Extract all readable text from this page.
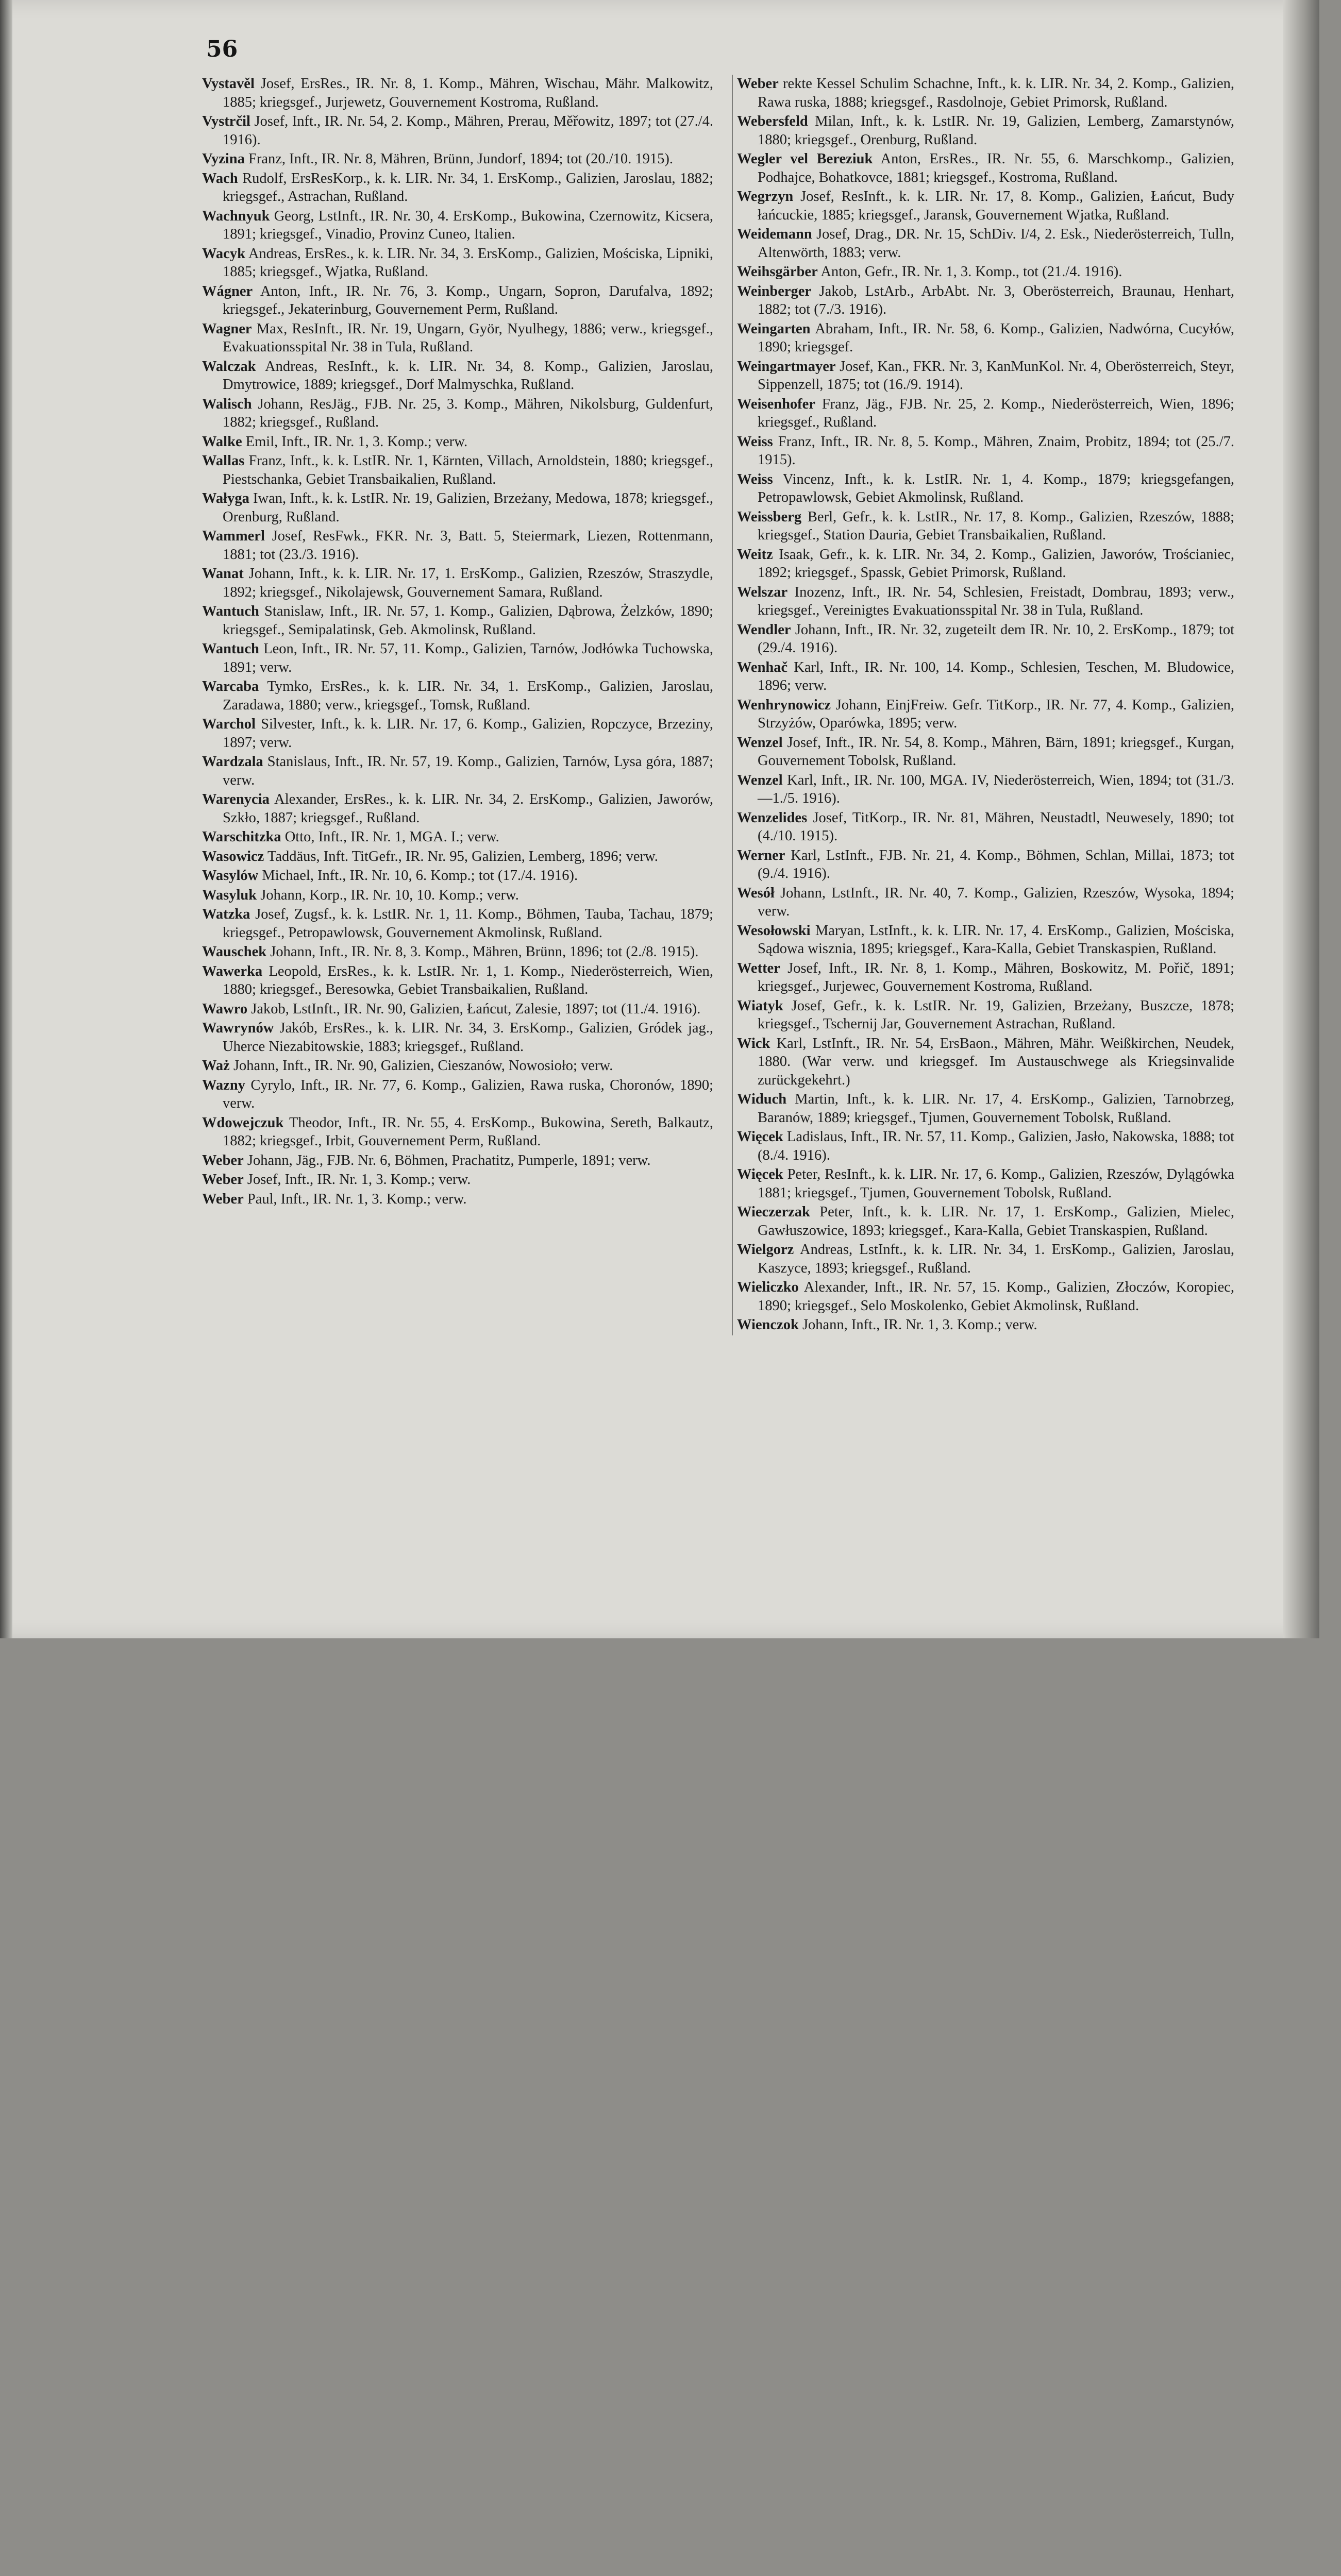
56

Vystavěl Josef, ErsRes., IR. Nr. 8, 1. Komp., Mähren, Wischau, Mähr. Malkowitz, 1885; kriegsgef., Jurjewetz, Gouvernement Kostroma, Rußland.

Vystrčil Josef, Inft., IR. Nr. 54, 2. Komp., Mähren, Prerau, Měřowitz, 1897; tot (27./4. 1916).

Vyzina Franz, Inft., IR. Nr. 8, Mähren, Brünn, Jundorf, 1894; tot (20./10. 1915).

Wach Rudolf, ErsResKorp., k. k. LIR. Nr. 34, 1. ErsKomp., Galizien, Jaroslau, 1882; kriegsgef., Astrachan, Rußland.

Wachnyuk Georg, LstInft., IR. Nr. 30, 4. ErsKomp., Bukowina, Czernowitz, Kicsera, 1891; kriegsgef., Vinadio, Provinz Cuneo, Italien.

Wacyk Andreas, ErsRes., k. k. LIR. Nr. 34, 3. ErsKomp., Galizien, Mościska, Lipniki, 1885; kriegsgef., Wjatka, Rußland.

Wágner Anton, Inft., IR. Nr. 76, 3. Komp., Ungarn, Sopron, Darufalva, 1892; kriegsgef., Jekaterinburg, Gouvernement Perm, Rußland.

Wagner Max, ResInft., IR. Nr. 19, Ungarn, Györ, Nyulhegy, 1886; verw., kriegsgef., Evakuationsspital Nr. 38 in Tula, Rußland.

Walczak Andreas, ResInft., k. k. LIR. Nr. 34, 8. Komp., Galizien, Jaroslau, Dmytrowice, 1889; kriegsgef., Dorf Malmyschka, Rußland.

Walisch Johann, ResJäg., FJB. Nr. 25, 3. Komp., Mähren, Nikolsburg, Guldenfurt, 1882; kriegsgef., Rußland.

Walke Emil, Inft., IR. Nr. 1, 3. Komp.; verw.

Wallas Franz, Inft., k. k. LstIR. Nr. 1, Kärnten, Villach, Arnoldstein, 1880; kriegsgef., Piestschanka, Gebiet Transbaikalien, Rußland.

Wałyga Iwan, Inft., k. k. LstIR. Nr. 19, Galizien, Brzeżany, Medowa, 1878; kriegsgef., Orenburg, Rußland.

Wammerl Josef, ResFwk., FKR. Nr. 3, Batt. 5, Steiermark, Liezen, Rottenmann, 1881; tot (23./3. 1916).

Wanat Johann, Inft., k. k. LIR. Nr. 17, 1. ErsKomp., Galizien, Rzeszów, Straszydle, 1892; kriegsgef., Nikolajewsk, Gouvernement Samara, Rußland.

Wantuch Stanislaw, Inft., IR. Nr. 57, 1. Komp., Galizien, Dąbrowa, Żelzków, 1890; kriegsgef., Semipalatinsk, Geb. Akmolinsk, Rußland.

Wantuch Leon, Inft., IR. Nr. 57, 11. Komp., Galizien, Tarnów, Jodłówka Tuchowska, 1891; verw.

Warcaba Tymko, ErsRes., k. k. LIR. Nr. 34, 1. ErsKomp., Galizien, Jaroslau, Zaradawa, 1880; verw., kriegsgef., Tomsk, Rußland.

Warchol Silvester, Inft., k. k. LIR. Nr. 17, 6. Komp., Galizien, Ropczyce, Brzeziny, 1897; verw.

Wardzala Stanislaus, Inft., IR. Nr. 57, 19. Komp., Galizien, Tarnów, Lysa góra, 1887; verw.

Warenycia Alexander, ErsRes., k. k. LIR. Nr. 34, 2. ErsKomp., Galizien, Jaworów, Szkło, 1887; kriegsgef., Rußland.

Warschitzka Otto, Inft., IR. Nr. 1, MGA. I.; verw.

Wasowicz Taddäus, Inft. TitGefr., IR. Nr. 95, Galizien, Lemberg, 1896; verw.

Wasylów Michael, Inft., IR. Nr. 10, 6. Komp.; tot (17./4. 1916).

Wasyluk Johann, Korp., IR. Nr. 10, 10. Komp.; verw.

Watzka Josef, Zugsf., k. k. LstIR. Nr. 1, 11. Komp., Böhmen, Tauba, Tachau, 1879; kriegsgef., Petropawlowsk, Gouvernement Akmolinsk, Rußland.

Wauschek Johann, Inft., IR. Nr. 8, 3. Komp., Mähren, Brünn, 1896; tot (2./8. 1915).

Wawerka Leopold, ErsRes., k. k. LstIR. Nr. 1, 1. Komp., Niederösterreich, Wien, 1880; kriegsgef., Beresowka, Gebiet Transbaikalien, Rußland.

Wawro Jakob, LstInft., IR. Nr. 90, Galizien, Łańcut, Zalesie, 1897; tot (11./4. 1916).

Wawrynów Jakób, ErsRes., k. k. LIR. Nr. 34, 3. ErsKomp., Galizien, Gródek jag., Uherce Niezabitowskie, 1883; kriegsgef., Rußland.

Waż Johann, Inft., IR. Nr. 90, Galizien, Cieszanów, Nowosioło; verw.

Wazny Cyrylo, Inft., IR. Nr. 77, 6. Komp., Galizien, Rawa ruska, Choronów, 1890; verw.

Wdowejczuk Theodor, Inft., IR. Nr. 55, 4. ErsKomp., Bukowina, Sereth, Balkautz, 1882; kriegsgef., Irbit, Gouvernement Perm, Rußland.

Weber Johann, Jäg., FJB. Nr. 6, Böhmen, Prachatitz, Pumperle, 1891; verw.

Weber Josef, Inft., IR. Nr. 1, 3. Komp.; verw.

Weber Paul, Inft., IR. Nr. 1, 3. Komp.; verw.

Weber rekte Kessel Schulim Schachne, Inft., k. k. LIR. Nr. 34, 2. Komp., Galizien, Rawa ruska, 1888; kriegsgef., Rasdolnoje, Gebiet Primorsk, Rußland.

Webersfeld Milan, Inft., k. k. LstIR. Nr. 19, Galizien, Lemberg, Zamarstynów, 1880; kriegsgef., Orenburg, Rußland.

Wegler vel Bereziuk Anton, ErsRes., IR. Nr. 55, 6. Marschkomp., Galizien, Podhajce, Bohatkovce, 1881; kriegsgef., Kostroma, Rußland.

Wegrzyn Josef, ResInft., k. k. LIR. Nr. 17, 8. Komp., Galizien, Łańcut, Budy łańcuckie, 1885; kriegsgef., Jaransk, Gouvernement Wjatka, Rußland.

Weidemann Josef, Drag., DR. Nr. 15, SchDiv. I/4, 2. Esk., Niederösterreich, Tulln, Altenwörth, 1883; verw.

Weihsgärber Anton, Gefr., IR. Nr. 1, 3. Komp., tot (21./4. 1916).

Weinberger Jakob, LstArb., ArbAbt. Nr. 3, Oberösterreich, Braunau, Henhart, 1882; tot (7./3. 1916).

Weingarten Abraham, Inft., IR. Nr. 58, 6. Komp., Galizien, Nadwórna, Cucyłów, 1890; kriegsgef.

Weingartmayer Josef, Kan., FKR. Nr. 3, KanMunKol. Nr. 4, Oberösterreich, Steyr, Sippenzell, 1875; tot (16./9. 1914).

Weisenhofer Franz, Jäg., FJB. Nr. 25, 2. Komp., Niederösterreich, Wien, 1896; kriegsgef., Rußland.

Weiss Franz, Inft., IR. Nr. 8, 5. Komp., Mähren, Znaim, Probitz, 1894; tot (25./7. 1915).

Weiss Vincenz, Inft., k. k. LstIR. Nr. 1, 4. Komp., 1879; kriegsgefangen, Petropawlowsk, Gebiet Akmolinsk, Rußland.

Weissberg Berl, Gefr., k. k. LstIR., Nr. 17, 8. Komp., Galizien, Rzeszów, 1888; kriegsgef., Station Dauria, Gebiet Transbaikalien, Rußland.

Weitz Isaak, Gefr., k. k. LIR. Nr. 34, 2. Komp., Galizien, Jaworów, Trościaniec, 1892; kriegsgef., Spassk, Gebiet Primorsk, Rußland.

Welszar Inozenz, Inft., IR. Nr. 54, Schlesien, Freistadt, Dombrau, 1893; verw., kriegsgef., Vereinigtes Evakuationsspital Nr. 38 in Tula, Rußland.

Wendler Johann, Inft., IR. Nr. 32, zugeteilt dem IR. Nr. 10, 2. ErsKomp., 1879; tot (29./4. 1916).

Wenhač Karl, Inft., IR. Nr. 100, 14. Komp., Schlesien, Teschen, M. Bludowice, 1896; verw.

Wenhrynowicz Johann, EinjFreiw. Gefr. TitKorp., IR. Nr. 77, 4. Komp., Galizien, Strzyżów, Oparówka, 1895; verw.

Wenzel Josef, Inft., IR. Nr. 54, 8. Komp., Mähren, Bärn, 1891; kriegsgef., Kurgan, Gouvernement Tobolsk, Rußland.

Wenzel Karl, Inft., IR. Nr. 100, MGA. IV, Niederösterreich, Wien, 1894; tot (31./3.—1./5. 1916).

Wenzelides Josef, TitKorp., IR. Nr. 81, Mähren, Neustadtl, Neuwesely, 1890; tot (4./10. 1915).

Werner Karl, LstInft., FJB. Nr. 21, 4. Komp., Böhmen, Schlan, Millai, 1873; tot (9./4. 1916).

Wesół Johann, LstInft., IR. Nr. 40, 7. Komp., Galizien, Rzeszów, Wysoka, 1894; verw.

Wesołowski Maryan, LstInft., k. k. LIR. Nr. 17, 4. ErsKomp., Galizien, Mościska, Sądowa wisznia, 1895; kriegsgef., Kara-Kalla, Gebiet Transkaspien, Rußland.

Wetter Josef, Inft., IR. Nr. 8, 1. Komp., Mähren, Boskowitz, M. Pořič, 1891; kriegsgef., Jurjewec, Gouvernement Kostroma, Rußland.

Wiatyk Josef, Gefr., k. k. LstIR. Nr. 19, Galizien, Brzeżany, Buszcze, 1878; kriegsgef., Tschernij Jar, Gouvernement Astrachan, Rußland.

Wick Karl, LstInft., IR. Nr. 54, ErsBaon., Mähren, Mähr. Weißkirchen, Neudek, 1880. (War verw. und kriegsgef. Im Austauschwege als Kriegsinvalide zurückgekehrt.)

Widuch Martin, Inft., k. k. LIR. Nr. 17, 4. ErsKomp., Galizien, Tarnobrzeg, Baranów, 1889; kriegsgef., Tjumen, Gouvernement Tobolsk, Rußland.

Więcek Ladislaus, Inft., IR. Nr. 57, 11. Komp., Galizien, Jasło, Nakowska, 1888; tot (8./4. 1916).

Więcek Peter, ResInft., k. k. LIR. Nr. 17, 6. Komp., Galizien, Rzeszów, Dylągówka 1881; kriegsgef., Tjumen, Gouvernement Tobolsk, Rußland.

Wieczerzak Peter, Inft., k. k. LIR. Nr. 17, 1. ErsKomp., Galizien, Mielec, Gawłuszowice, 1893; kriegsgef., Kara-Kalla, Gebiet Transkaspien, Rußland.

Wielgorz Andreas, LstInft., k. k. LIR. Nr. 34, 1. ErsKomp., Galizien, Jaroslau, Kaszyce, 1893; kriegsgef., Rußland.

Wieliczko Alexander, Inft., IR. Nr. 57, 15. Komp., Galizien, Złoczów, Koropiec, 1890; kriegsgef., Selo Moskolenko, Gebiet Akmolinsk, Rußland.

Wienczok Johann, Inft., IR. Nr. 1, 3. Komp.; verw.
